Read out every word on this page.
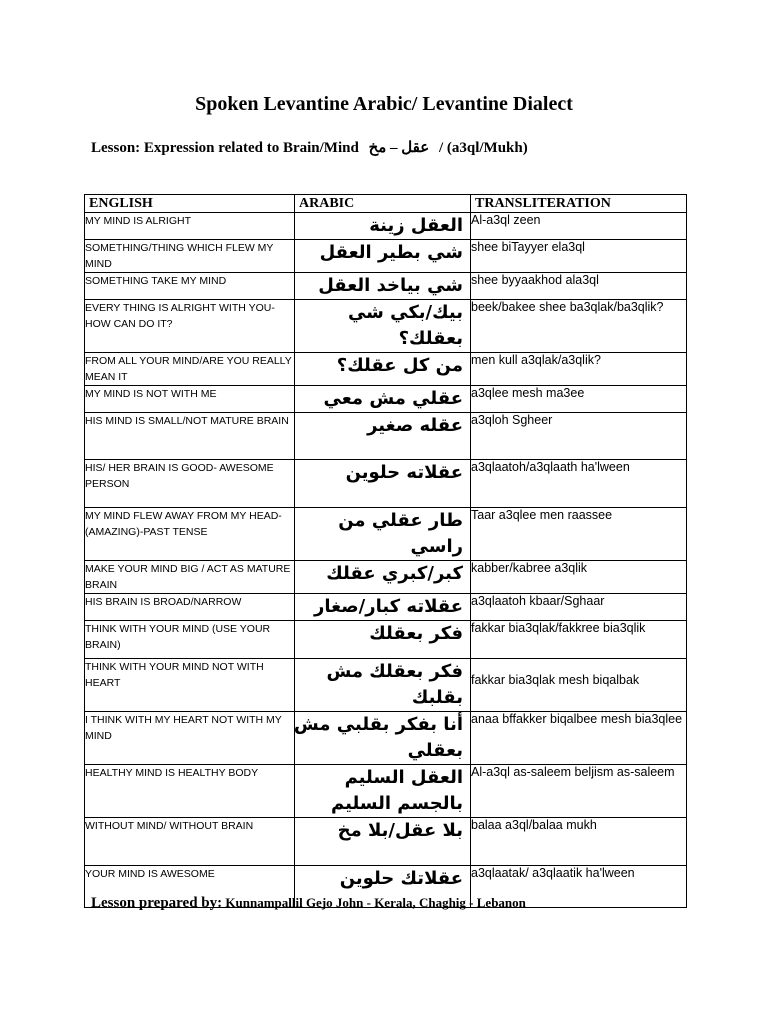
Spoken Levantine Arabic/ Levantine Dialect
Lesson: Expression related to Brain/Mind عقل – مخ / (a3ql/Mukh)
ENGLISH	ARABIC	TRANSLITERATION
MY MIND IS ALRIGHT	العقل زينة	Al-a3ql zeen
SOMETHING/THING WHICH FLEW MY MIND	شي بطير العقل	shee biTayyer ela3ql
SOMETHING TAKE MY MIND	شي بياخد العقل	shee byyaakhod ala3ql
EVERY THING IS ALRIGHT WITH YOU- HOW CAN DO IT?	بيك/بكي شي بعقلك؟	beek/bakee shee ba3qlak/ba3qlik?
FROM ALL YOUR MIND/ARE YOU REALLY MEAN IT	من كل عقلك؟	men kull a3qlak/a3qlik?
MY MIND IS NOT WITH ME	عقلي مش معي	a3qlee mesh ma3ee
HIS MIND IS SMALL/NOT MATURE BRAIN	عقله صغير	a3qloh Sgheer
HIS/ HER BRAIN IS GOOD- AWESOME PERSON	عقلاته حلوين	a3qlaatoh/a3qlaath ha'lween
MY MIND FLEW AWAY FROM MY HEAD- (AMAZING)-PAST TENSE	طار عقلي من راسي	Taar a3qlee men raassee
MAKE YOUR MIND BIG / ACT AS MATURE BRAIN	كبر/كبري عقلك	kabber/kabree a3qlik
HIS BRAIN IS BROAD/NARROW	عقلاته كبار/صغار	a3qlaatoh kbaar/Sghaar
THINK WITH YOUR MIND (USE YOUR BRAIN)	فكر بعقلك	fakkar bia3qlak/fakkree bia3qlik
THINK WITH YOUR MIND NOT WITH HEART	فكر بعقلك مش بقلبك	fakkar bia3qlak mesh biqalbak
I THINK WITH MY HEART NOT WITH MY MIND	أنا بفكر بقلبي مش بعقلي	anaa bffakker biqalbee mesh bia3qlee
HEALTHY MIND IS HEALTHY BODY	العقل السليم بالجسم السليم	Al-a3ql as-saleem beljism as-saleem
WITHOUT MIND/ WITHOUT BRAIN	بلا عقل/بلا مخ	balaa a3ql/balaa mukh
YOUR MIND IS AWESOME	عقلاتك حلوين	a3qlaatak/ a3qlaatik ha'lween
Lesson prepared by: Kunnampallil Gejo John - Kerala, Chaghig - Lebanon
